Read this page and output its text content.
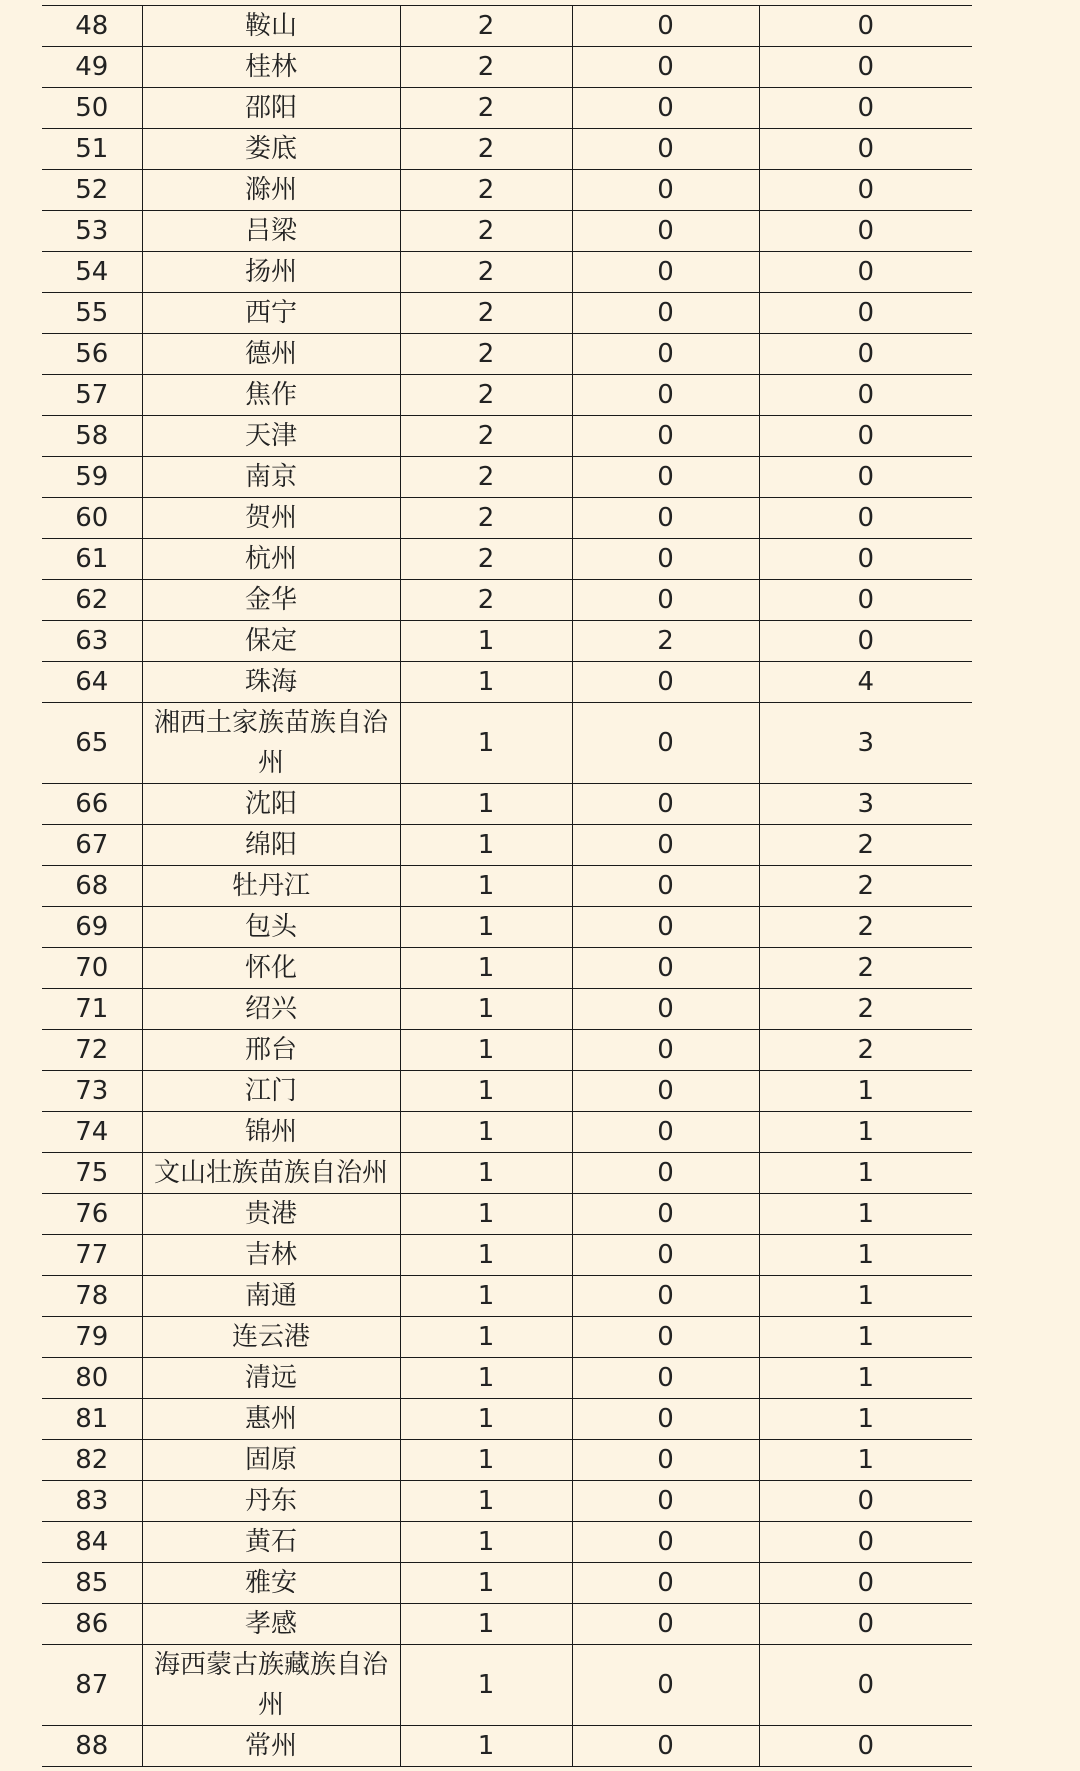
48	鞍山	2	0	0
49	桂林	2	0	0
50	邵阳	2	0	0
51	娄底	2	0	0
52	滁州	2	0	0
53	吕梁	2	0	0
54	扬州	2	0	0
55	西宁	2	0	0
56	德州	2	0	0
57	焦作	2	0	0
58	天津	2	0	0
59	南京	2	0	0
60	贺州	2	0	0
61	杭州	2	0	0
62	金华	2	0	0
63	保定	1	2	0
64	珠海	1	0	4
65	湘西土家族苗族自治州	1	0	3
66	沈阳	1	0	3
67	绵阳	1	0	2
68	牡丹江	1	0	2
69	包头	1	0	2
70	怀化	1	0	2
71	绍兴	1	0	2
72	邢台	1	0	2
73	江门	1	0	1
74	锦州	1	0	1
75	文山壮族苗族自治州	1	0	1
76	贵港	1	0	1
77	吉林	1	0	1
78	南通	1	0	1
79	连云港	1	0	1
80	清远	1	0	1
81	惠州	1	0	1
82	固原	1	0	1
83	丹东	1	0	0
84	黄石	1	0	0
85	雅安	1	0	0
86	孝感	1	0	0
87	海西蒙古族藏族自治州	1	0	0
88	常州	1	0	0
